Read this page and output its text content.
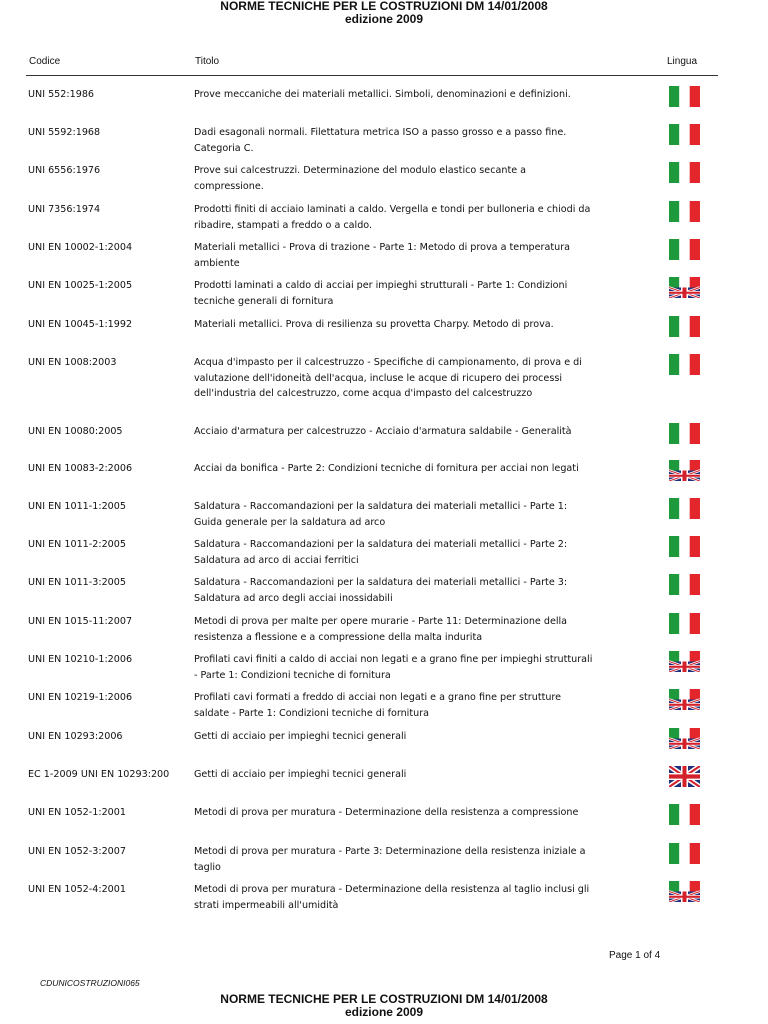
NORME TECNICHE PER LE COSTRUZIONI DM 14/01/2008
edizione 2009
Codice	Titolo	Lingua
UNI 552:1986	Prove meccaniche dei materiali metallici. Simboli, denominazioni e definizioni.
UNI 5592:1968	Dadi esagonali normali. Filettatura metrica ISO a passo grosso e a passo fine. Categoria C.
UNI 6556:1976	Prove sui calcestruzzi. Determinazione del modulo elastico secante a compressione.
UNI 7356:1974	Prodotti finiti di acciaio laminati a caldo. Vergella e tondi per bulloneria e chiodi da ribadire, stampati a freddo o a caldo.
UNI EN 10002-1:2004	Materiali metallici - Prova di trazione - Parte 1: Metodo di prova a temperatura ambiente
UNI EN 10025-1:2005	Prodotti laminati a caldo di acciai per impieghi strutturali - Parte 1: Condizioni tecniche generali di fornitura
UNI EN 10045-1:1992	Materiali metallici. Prova di resilienza su provetta Charpy. Metodo di prova.
UNI EN 1008:2003	Acqua d'impasto per il calcestruzzo - Specifiche di campionamento, di prova e di valutazione dell'idoneità dell'acqua, incluse le acque di ricupero dei processi dell'industria del calcestruzzo, come acqua d'impasto del calcestruzzo
UNI EN 10080:2005	Acciaio d'armatura per calcestruzzo - Acciaio d'armatura saldabile - Generalità
UNI EN 10083-2:2006	Acciai da bonifica - Parte 2: Condizioni tecniche di fornitura per acciai non legati
UNI EN 1011-1:2005	Saldatura - Raccomandazioni per la saldatura dei materiali metallici - Parte 1: Guida generale per la saldatura ad arco
UNI EN 1011-2:2005	Saldatura - Raccomandazioni per la saldatura dei materiali metallici - Parte 2: Saldatura ad arco di acciai ferritici
UNI EN 1011-3:2005	Saldatura - Raccomandazioni per la saldatura dei materiali metallici - Parte 3: Saldatura ad arco degli acciai inossidabili
UNI EN 1015-11:2007	Metodi di prova per malte per opere murarie - Parte 11: Determinazione della resistenza a flessione e a compressione della malta indurita
UNI EN 10210-1:2006	Profilati cavi finiti a caldo di acciai non legati e a grano fine per impieghi strutturali - Parte 1: Condizioni tecniche di fornitura
UNI EN 10219-1:2006	Profilati cavi formati a freddo di acciai non legati e a grano fine per strutture saldate - Parte 1: Condizioni tecniche di fornitura
UNI EN 10293:2006	Getti di acciaio per impieghi tecnici generali
EC 1-2009 UNI EN 10293:200	Getti di acciaio per impieghi tecnici generali
UNI EN 1052-1:2001	Metodi di prova per muratura - Determinazione della resistenza a compressione
UNI EN 1052-3:2007	Metodi di prova per muratura - Parte 3: Determinazione della resistenza iniziale a taglio
UNI EN 1052-4:2001	Metodi di prova per muratura - Determinazione della resistenza al taglio inclusi gli strati impermeabili all'umidità
Page 1 of 4
CDUNICOSTRUZIONI065
NORME TECNICHE PER LE COSTRUZIONI DM 14/01/2008
edizione 2009
